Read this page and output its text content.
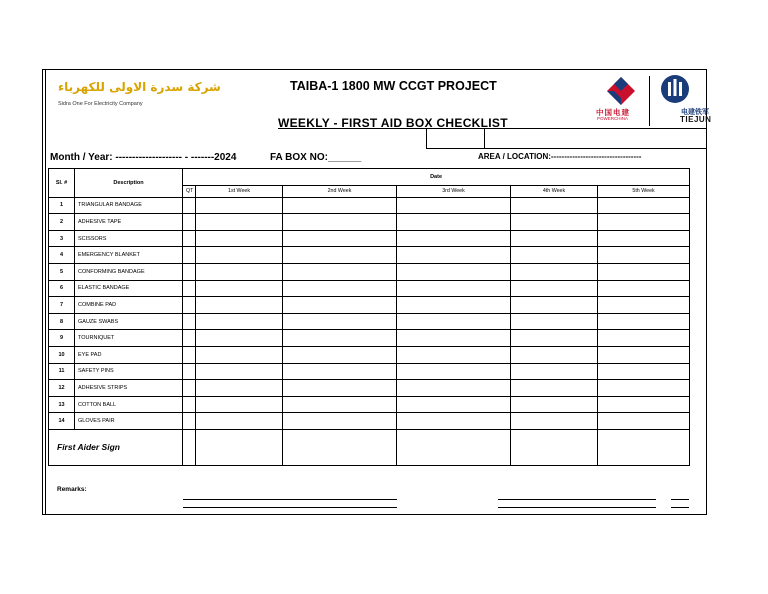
شركة سدرة الاولى للكهرباء
Sidra One For Electricity Company
TAIBA-1 1800 MW CCGT PROJECT
WEEKLY - FIRST AID BOX CHECKLIST
中国电建
POWERCHINA
电建铁军
TIEJUN
Month / Year: -------------------- - -------2024	FA BOX NO:______	AREA / LOCATION:----------------------------------
Sl. #	Description	Date					
		QT	1st Week	2nd Week	3rd Week	4th Week	5th Week
1	TRIANGULAR BANDAGE						
2	ADHESIVE TAPE						
3	SCISSORS						
4	EMERGENCY BLANKET						
5	CONFORMING BANDAGE						
6	ELASTIC BANDAGE						
7	COMBINE PAD						
8	GAUZE SWABS						
9	TOURNIQUET						
10	EYE PAD						
11	SAFETY PINS						
12	ADHESIVE STRIPS						
13	COTTON BALL						
14	GLOVES PAIR						
First Aider Sign							
Remarks:
